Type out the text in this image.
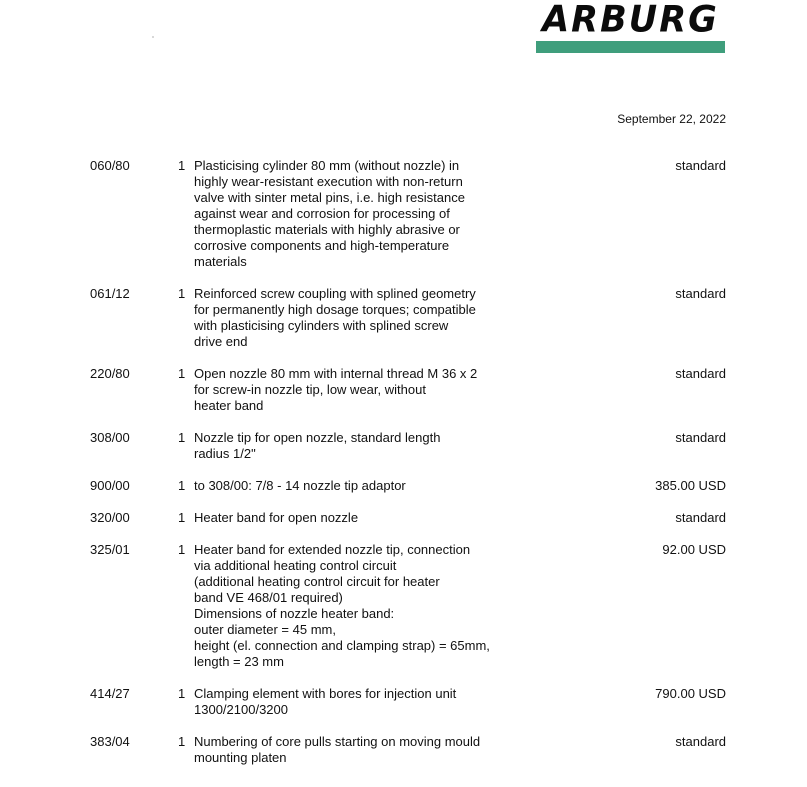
ARBURG
September 22, 2022
060/80	1 Plasticising cylinder 80 mm (without nozzle) in
highly wear-resistant execution with non-return
valve with sinter metal pins, i.e. high resistance
against wear and corrosion for processing of
thermoplastic materials with highly abrasive or
corrosive components and high-temperature
materials
standard
061/12	1 Reinforced screw coupling with splined geometry
for permanently high dosage torques; compatible
with plasticising cylinders with splined screw
drive end
standard
220/80	1 Open nozzle 80 mm with internal thread M 36 x 2
for screw-in nozzle tip, low wear, without
heater band
standard
308/00	1 Nozzle tip for open nozzle, standard length
radius 1/2"
standard
900/00	1 to 308/00: 7/8 - 14 nozzle tip adaptor	385.00 USD
320/00	1 Heater band for open nozzle	standard
325/01	1 Heater band for extended nozzle tip, connection
via additional heating control circuit
(additional heating control circuit for heater
band VE 468/01 required)
Dimensions of nozzle heater band:
outer diameter = 45 mm,
height (el. connection and clamping strap) = 65mm,
length = 23 mm
92.00 USD
414/27	1 Clamping element with bores for injection unit
1300/2100/3200
790.00 USD
383/04	1 Numbering of core pulls starting on moving mould
mounting platen
standard
